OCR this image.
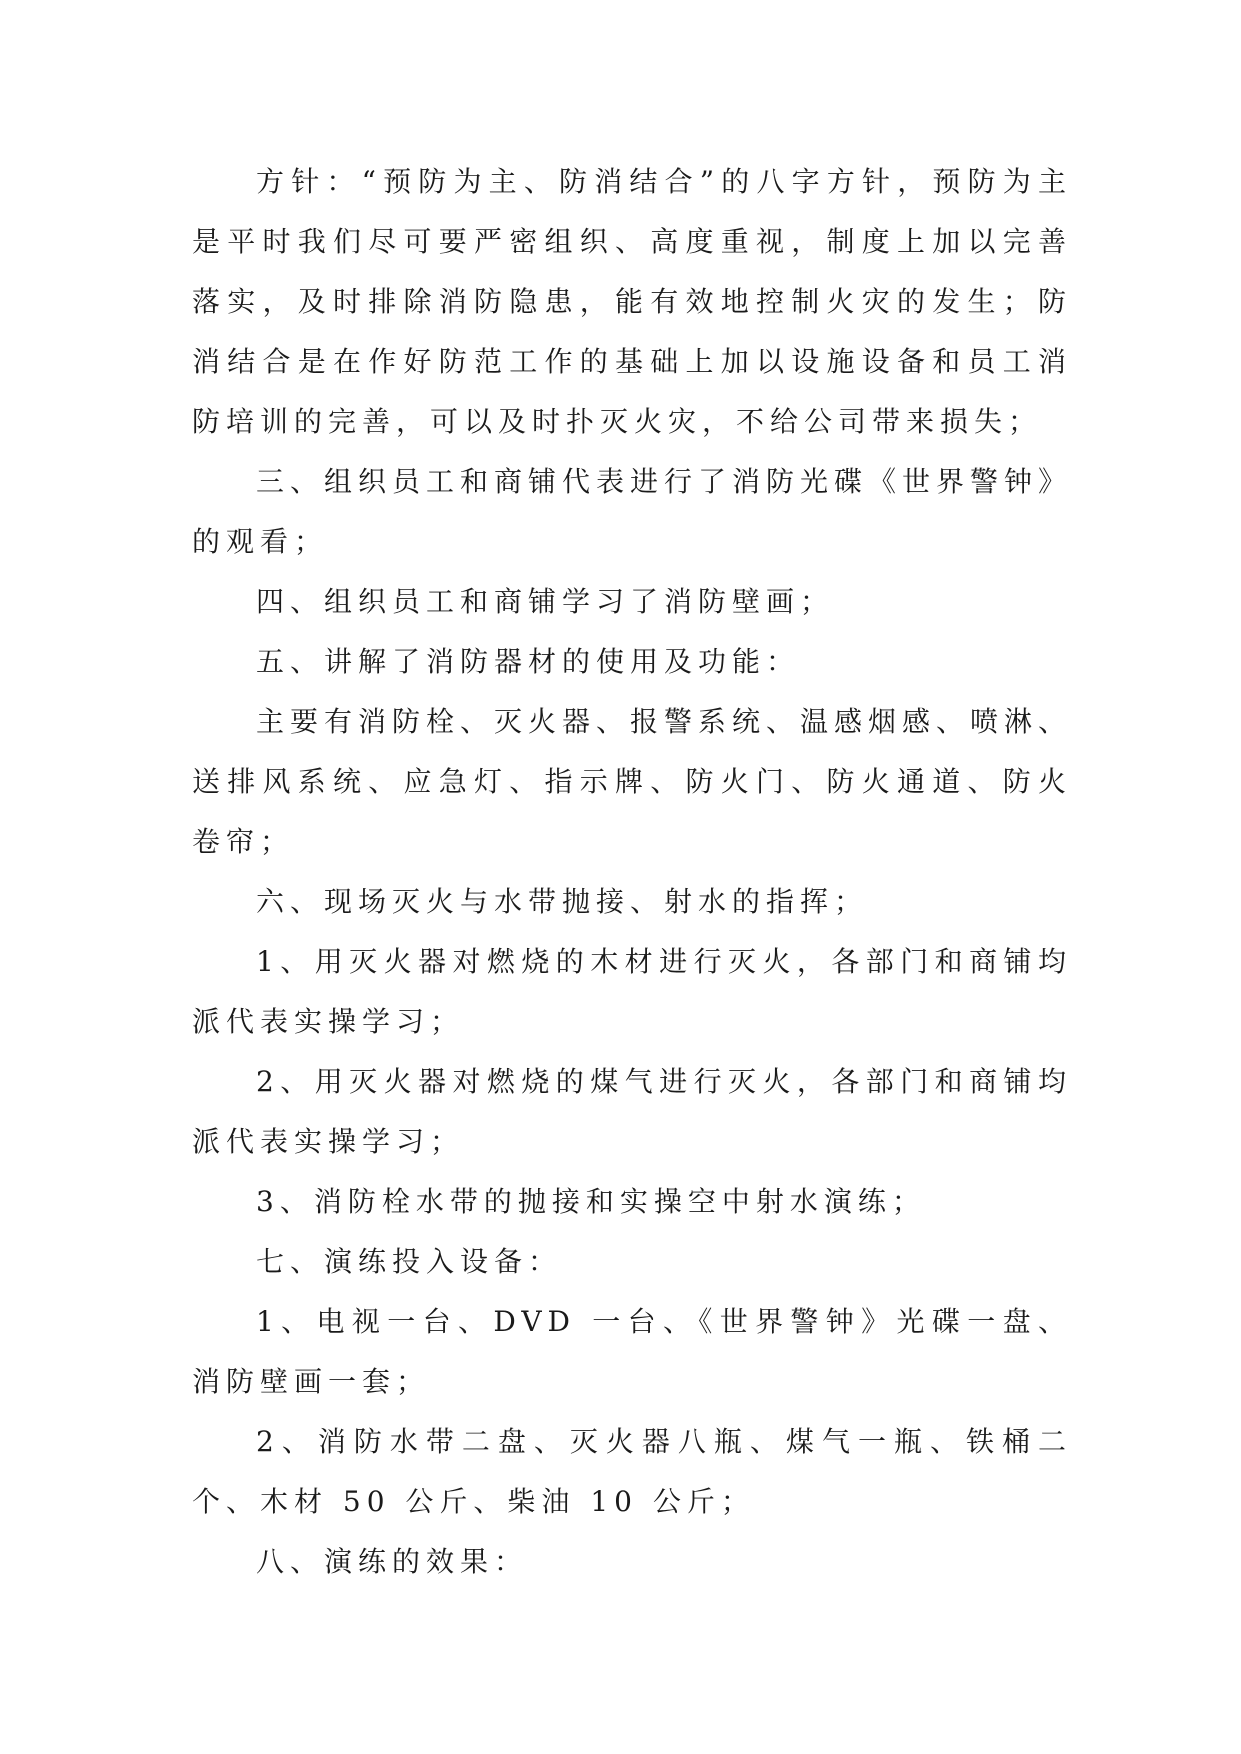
方针：“预防为主、防消结合”的八字方针，预防为主是平时我们尽可要严密组织、高度重视，制度上加以完善落实，及时排除消防隐患，能有效地控制火灾的发生；防消结合是在作好防范工作的基础上加以设施设备和员工消防培训的完善，可以及时扑灭火灾，不给公司带来损失；

三、组织员工和商铺代表进行了消防光碟《世界警钟》的观看；

四、组织员工和商铺学习了消防壁画；

五、讲解了消防器材的使用及功能：

主要有消防栓、灭火器、报警系统、温感烟感、喷淋、送排风系统、应急灯、指示牌、防火门、防火通道、防火卷帘；

六、现场灭火与水带抛接、射水的指挥；

1、用灭火器对燃烧的木材进行灭火，各部门和商铺均派代表实操学习；

2、用灭火器对燃烧的煤气进行灭火，各部门和商铺均派代表实操学习；

3、消防栓水带的抛接和实操空中射水演练；

七、演练投入设备：

1、电视一台、DVD 一台、《世界警钟》光碟一盘、消防壁画一套；

2、消防水带二盘、灭火器八瓶、煤气一瓶、铁桶二个、木材 50 公斤、柴油 10 公斤；

八、演练的效果：
